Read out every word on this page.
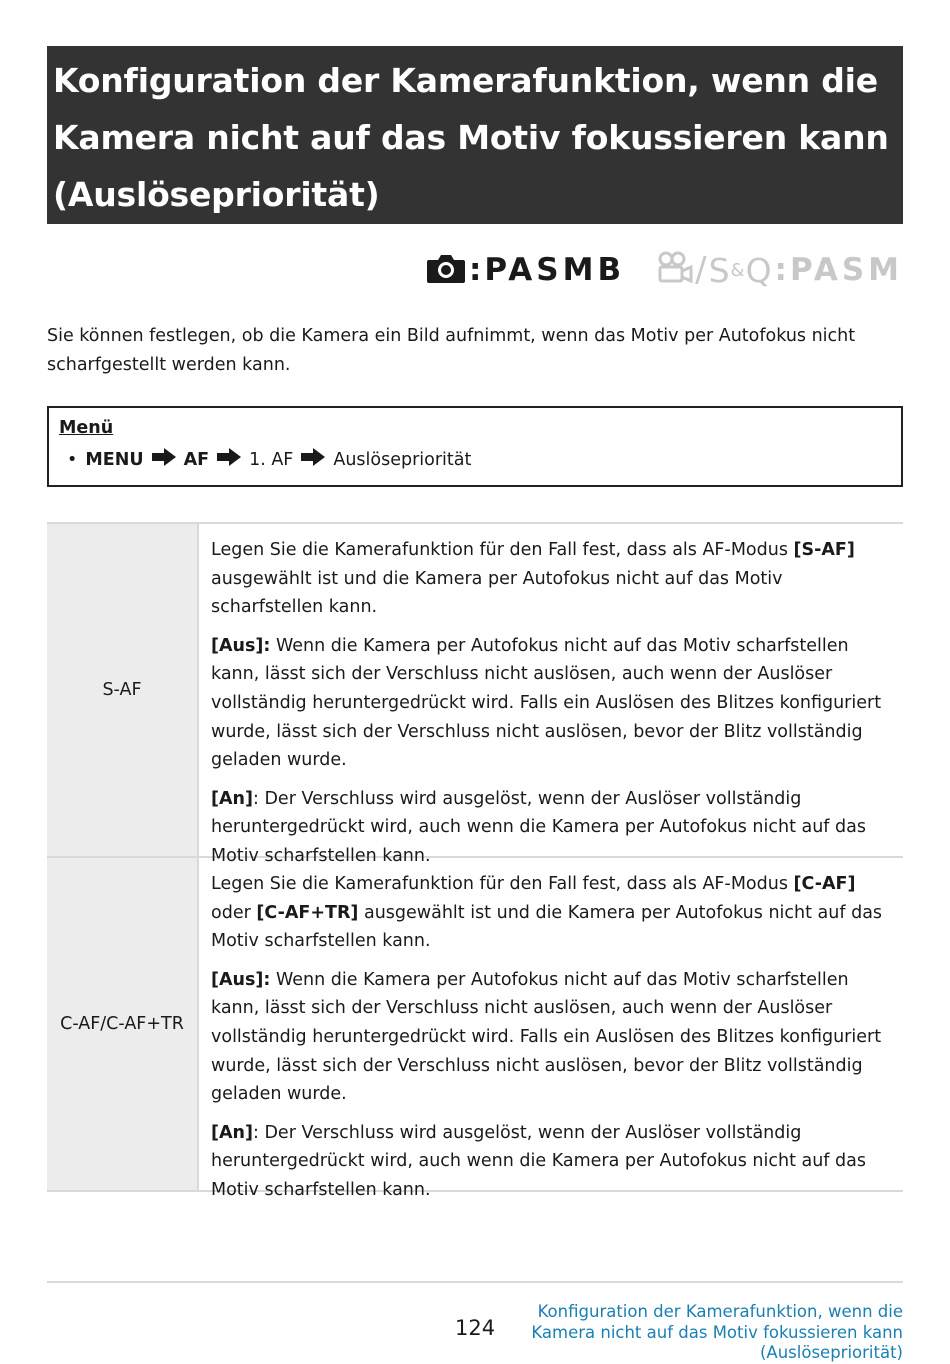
Konfiguration der Kamerafunktion, wenn die
Kamera nicht auf das Motiv fokussieren kann
(Auslösepriorität)
: PASMB / S & Q : PASM
Sie können festlegen, ob die Kamera ein Bild aufnimmt, wenn das Motiv per Autofokus nicht scharfgestellt werden kann.
Menü
• MENU AF 1. AF Auslösepriorität
S-AF

Legen Sie die Kamerafunktion für den Fall fest, dass als AF-Modus [S-AF] ausgewählt ist und die Kamera per Autofokus nicht auf das Motiv scharfstellen kann.

[Aus]: Wenn die Kamera per Autofokus nicht auf das Motiv scharfstellen kann, lässt sich der Verschluss nicht auslösen, auch wenn der Auslöser vollständig heruntergedrückt wird. Falls ein Auslösen des Blitzes konfiguriert wurde, lässt sich der Verschluss nicht auslösen, bevor der Blitz vollständig geladen wurde.

[An]: Der Verschluss wird ausgelöst, wenn der Auslöser vollständig heruntergedrückt wird, auch wenn die Kamera per Autofokus nicht auf das Motiv scharfstellen kann.

C-AF/C-AF+TR

Legen Sie die Kamerafunktion für den Fall fest, dass als AF-Modus [C-AF] oder [C-AF+TR] ausgewählt ist und die Kamera per Autofokus nicht auf das Motiv scharfstellen kann.

[Aus]: Wenn die Kamera per Autofokus nicht auf das Motiv scharfstellen kann, lässt sich der Verschluss nicht auslösen, auch wenn der Auslöser vollständig heruntergedrückt wird. Falls ein Auslösen des Blitzes konfiguriert wurde, lässt sich der Verschluss nicht auslösen, bevor der Blitz vollständig geladen wurde.

[An]: Der Verschluss wird ausgelöst, wenn der Auslöser vollständig heruntergedrückt wird, auch wenn die Kamera per Autofokus nicht auf das Motiv scharfstellen kann.

124
Konfiguration der Kamerafunktion, wenn die
Kamera nicht auf das Motiv fokussieren kann
(Auslösepriorität)
